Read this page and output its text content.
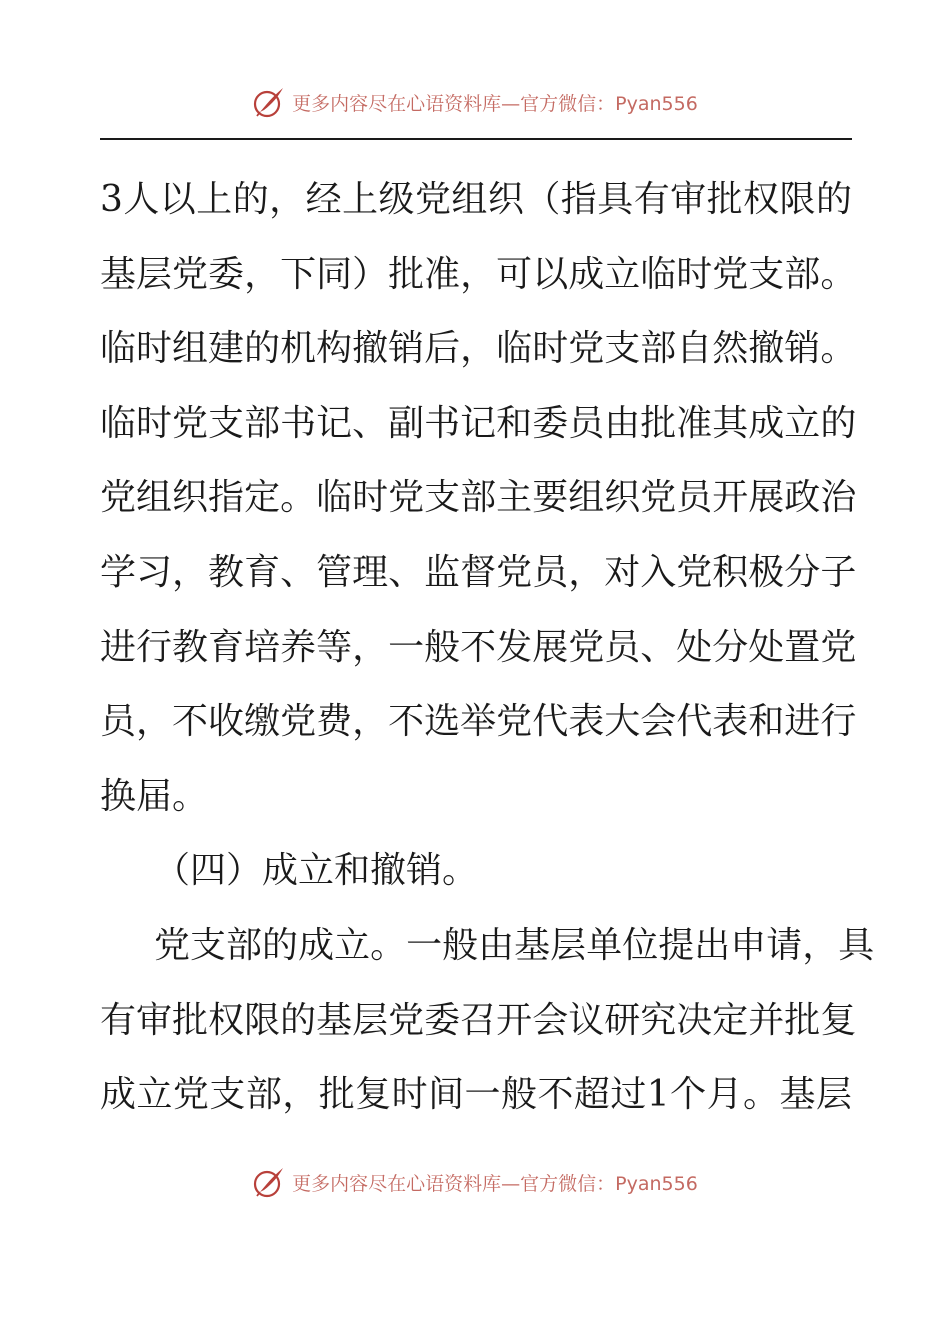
更多内容尽在心语资料库—官方微信：Pyan556
3 人 以 上 的 ， 经 上 级 党 组 织 （ 指 具 有 审 批 权 限 的
基 层 党 委 ， 下 同 ） 批 准 ， 可 以 成 立 临 时 党 支 部 。
临 时 组 建 的 机 构 撤 销 后 ， 临 时 党 支 部 自 然 撤 销 。
临 时 党 支 部 书 记 、 副 书 记 和 委 员 由 批 准 其 成 立 的
党 组 织 指 定 。 临 时 党 支 部 主 要 组 织 党 员 开 展 政 治
学 习 ， 教 育 、 管 理 、 监 督 党 员 ， 对 入 党 积 极 分 子
进 行 教 育 培 养 等 ， 一 般 不 发 展 党 员 、 处 分 处 置 党
员 ， 不 收 缴 党 费 ， 不 选 举 党 代 表 大 会 代 表 和 进 行
换届。
（四）成立和撤销。
党 支 部 的 成 立 。 一 般 由 基 层 单 位 提 出 申 请 ， 具
有 审 批 权 限 的 基 层 党 委 召 开 会 议 研 究 决 定 并 批 复
成 立 党 支 部 ， 批 复 时 间 一 般 不 超 过 1 个 月 。 基 层
更多内容尽在心语资料库—官方微信：Pyan556
